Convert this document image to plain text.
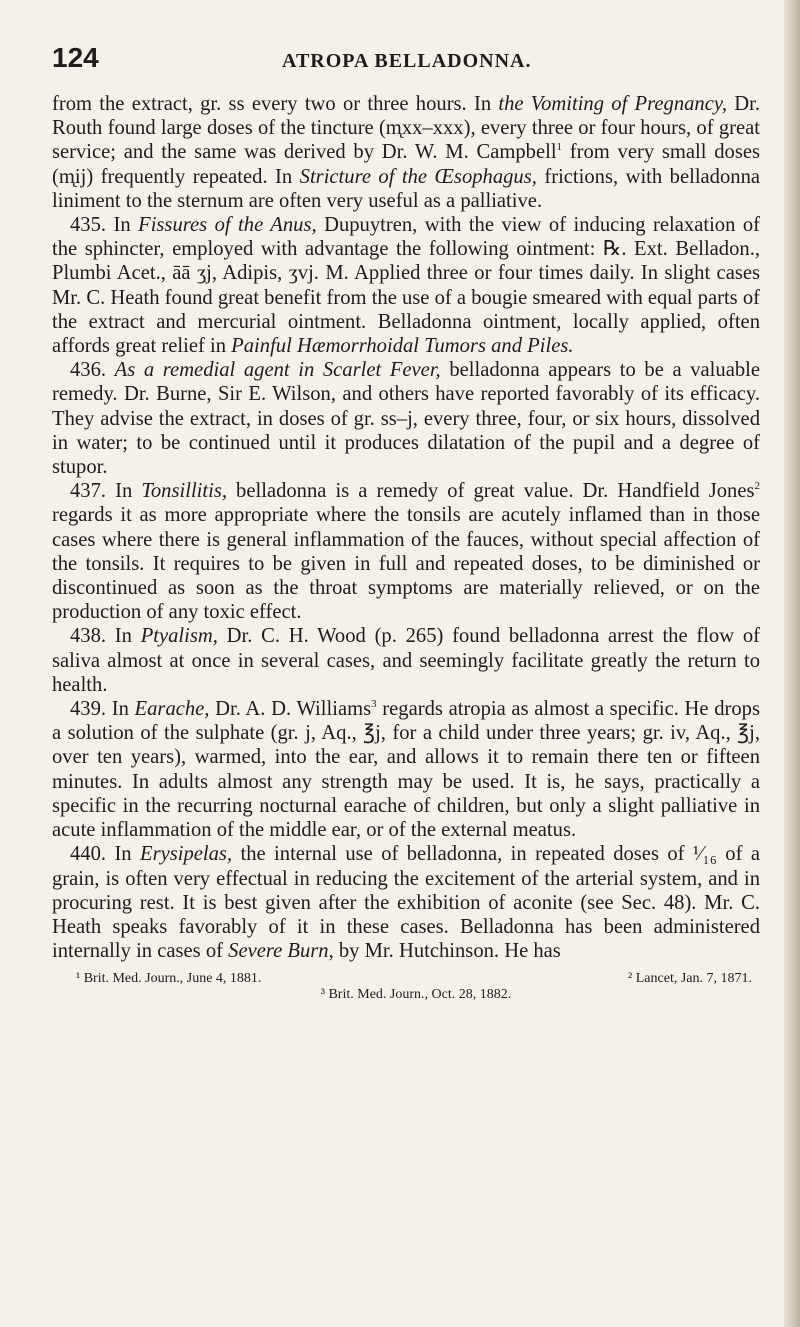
124	ATROPA BELLADONNA.

from the extract, gr. ss every two or three hours. In the Vomiting of Pregnancy, Dr. Routh found large doses of the tincture (m̨xx–xxx), every three or four hours, of great service; and the same was derived by Dr. W. M. Campbell$^1$ from very small doses (m̨ij) frequently repeated. In Stricture of the Œsophagus, frictions, with belladonna liniment to the sternum are often very useful as a palliative.

435. In Fissures of the Anus, Dupuytren, with the view of inducing relaxation of the sphincter, employed with advantage the following ointment: ℞. Ext. Belladon., Plumbi Acet., āā ʒj, Adipis, ʒvj. M. Applied three or four times daily. In slight cases Mr. C. Heath found great benefit from the use of a bougie smeared with equal parts of the extract and mercurial ointment. Belladonna ointment, locally applied, often affords great relief in Painful Hæmorrhoidal Tumors and Piles.

436. As a remedial agent in Scarlet Fever, belladonna appears to be a valuable remedy. Dr. Burne, Sir E. Wilson, and others have reported favorably of its efficacy. They advise the extract, in doses of gr. ss–j, every three, four, or six hours, dissolved in water; to be continued until it produces dilatation of the pupil and a degree of stupor.

437. In Tonsillitis, belladonna is a remedy of great value. Dr. Handfield Jones$^2$ regards it as more appropriate where the tonsils are acutely inflamed than in those cases where there is general inflammation of the fauces, without special affection of the tonsils. It requires to be given in full and repeated doses, to be diminished or discontinued as soon as the throat symptoms are materially relieved, or on the production of any toxic effect.

438. In Ptyalism, Dr. C. H. Wood (p. 265) found belladonna arrest the flow of saliva almost at once in several cases, and seemingly facilitate greatly the return to health.

439. In Earache, Dr. A. D. Williams$^3$ regards atropia as almost a specific. He drops a solution of the sulphate (gr. j, Aq., ℥j, for a child under three years; gr. iv, Aq., ℥j, over ten years), warmed, into the ear, and allows it to remain there ten or fifteen minutes. In adults almost any strength may be used. It is, he says, practically a specific in the recurring nocturnal earache of children, but only a slight palliative in acute inflammation of the middle ear, or of the external meatus.

440. In Erysipelas, the internal use of belladonna, in repeated doses of ¹⁄₁₆ of a grain, is often very effectual in reducing the excitement of the arterial system, and in procuring rest. It is best given after the exhibition of aconite (see Sec. 48). Mr. C. Heath speaks favorably of it in these cases. Belladonna has been administered internally in cases of Severe Burn, by Mr. Hutchinson. He has

¹ Brit. Med. Journ., June 4, 1881.	² Lancet, Jan. 7, 1871.
³ Brit. Med. Journ., Oct. 28, 1882.
